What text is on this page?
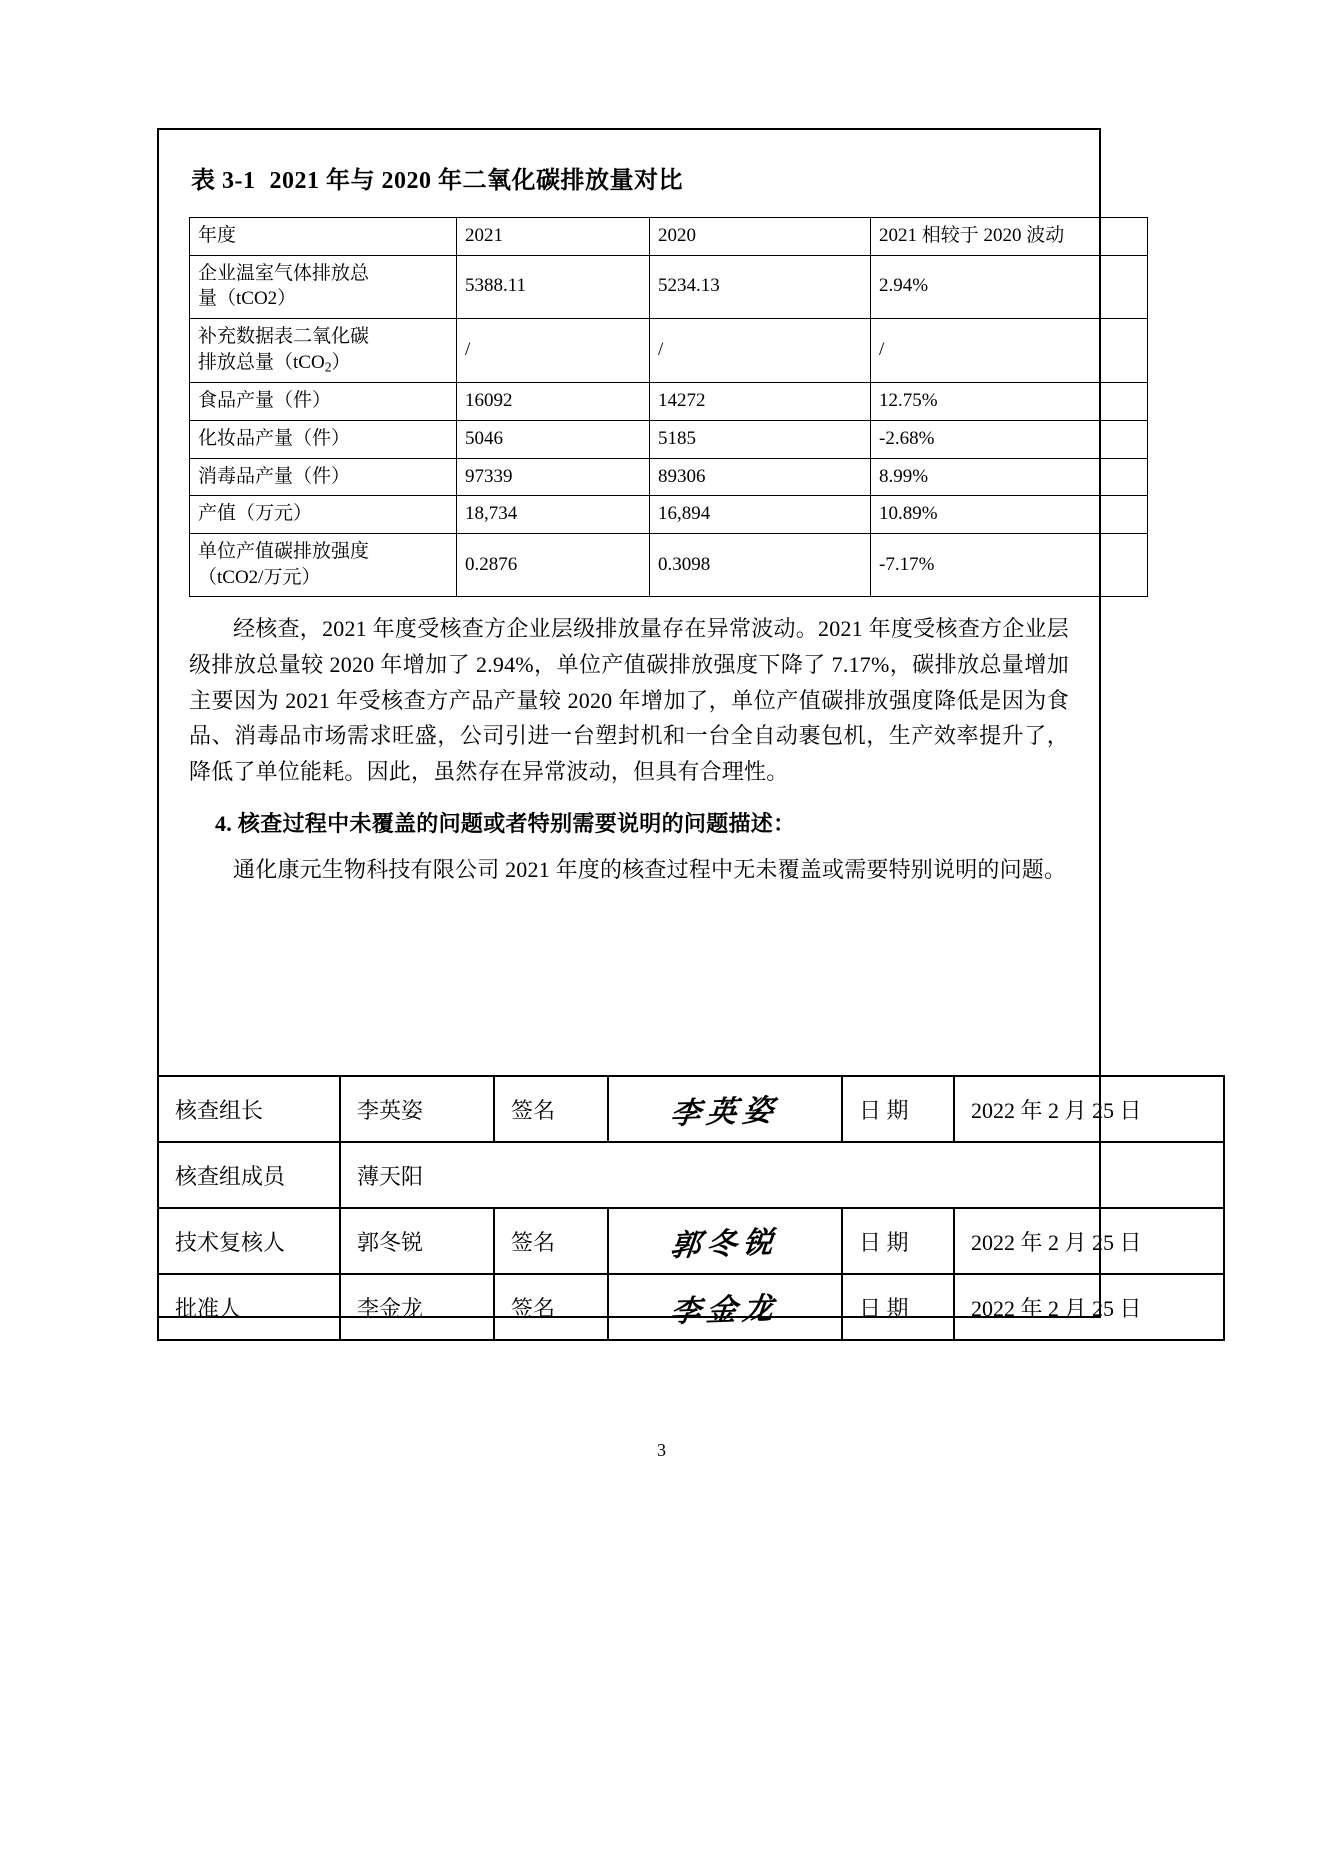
表 3-1 2021 年与 2020 年二氧化碳排放量对比
年度	2021	2020	2021 相较于 2020 波动

企业温室气体排放总
量（tCO2）	5388.11	5234.13	2.94%

补充数据表二氧化碳
排放总量（tCO$_2$）	/	/	/
食品产量（件）	16092	14272	12.75%
化妆品产量（件）	5046	5185	-2.68%
消毒品产量（件）	97339	89306	8.99%
产值（万元）	18,734	16,894	10.89%

单位产值碳排放强度
（tCO2/万元）	0.2876	0.3098	-7.17%

经核查，2021 年度受核查方企业层级排放量存在异常波动。2021 年度受核查方企业层级排放总量较 2020 年增加了 2.94%，单位产值碳排放强度下降了 7.17%，碳排放总量增加主要因为 2021 年受核查方产品产量较 2020 年增加了，单位产值碳排放强度降低是因为食品、消毒品市场需求旺盛，公司引进一台塑封机和一台全自动裹包机，生产效率提升了，降低了单位能耗。因此，虽然存在异常波动，但具有合理性。

4. 核查过程中未覆盖的问题或者特别需要说明的问题描述：

通化康元生物科技有限公司 2021 年度的核查过程中无未覆盖或需要特别说明的问题。

核查组长	李英姿	签名	李英姿	日 期	2022 年 2 月 25 日
核查组成员	薄天阳				
技术复核人	郭冬锐	签名	郭冬锐	日 期	2022 年 2 月 25 日
批准人	李金龙	签名	李金龙	日 期	2022 年 2 月 25 日
3
